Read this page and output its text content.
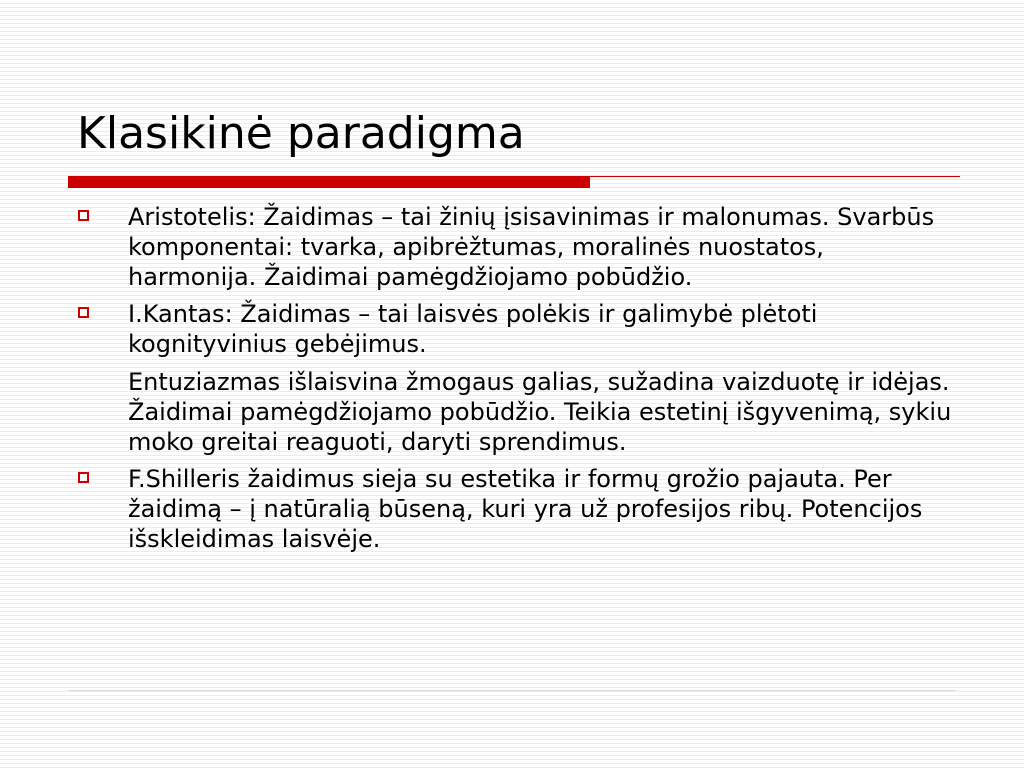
Klasikinė paradigma
Aristotelis: Žaidimas – tai žinių įsisavinimas ir malonumas. Svarbūs komponentai: tvarka, apibrėžtumas, moralinės nuostatos, harmonija. Žaidimai pamėgdžiojamo pobūdžio.
I.Kantas: Žaidimas – tai laisvės polėkis ir galimybė plėtoti kognityvinius gebėjimus.
Entuziazmas išlaisvina žmogaus galias, sužadina vaizduotę ir idėjas. Žaidimai pamėgdžiojamo pobūdžio. Teikia estetinį išgyvenimą, sykiu moko greitai reaguoti, daryti sprendimus.
F.Shilleris žaidimus sieja su estetika ir formų grožio pajauta. Per žaidimą – į natūralią būseną, kuri yra už profesijos ribų. Potencijos išskleidimas laisvėje.
